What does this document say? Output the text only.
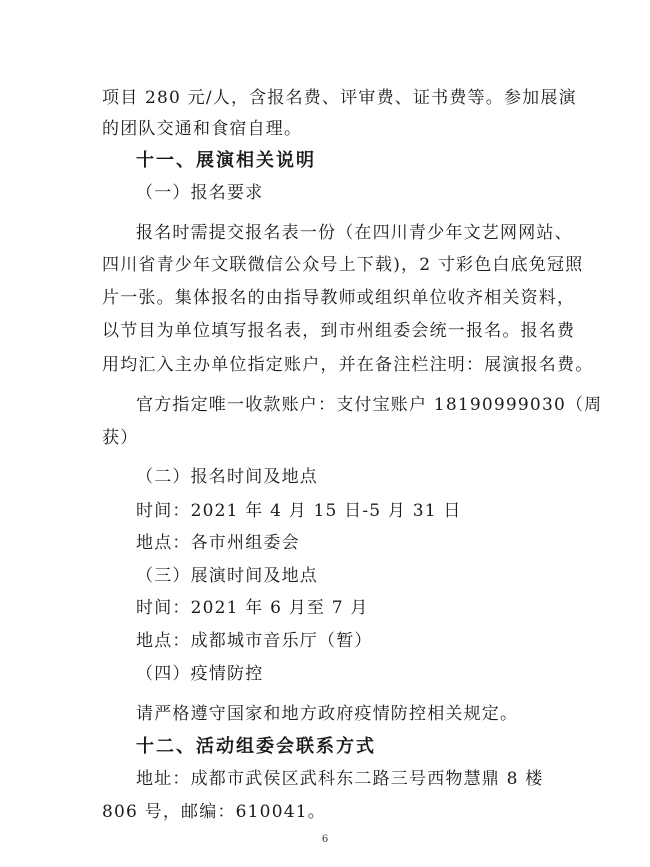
项目 280 元/人，含报名费、评审费、证书费等。参加展演
的团队交通和食宿自理。
十一、展演相关说明
（一）报名要求
报名时需提交报名表一份（在四川青少年文艺网网站、
四川省青少年文联微信公众号上下载)，2 寸彩色白底免冠照
片一张。集体报名的由指导教师或组织单位收齐相关资料，
以节目为单位填写报名表，到市州组委会统一报名。报名费
用均汇入主办单位指定账户，并在备注栏注明：展演报名费。
官方指定唯一收款账户：支付宝账户 18190999030（周
获）
（二）报名时间及地点
时间：2021 年 4 月 15 日-5 月 31 日
地点：各市州组委会
（三）展演时间及地点
时间：2021 年 6 月至 7 月
地点：成都城市音乐厅（暂）
（四）疫情防控
请严格遵守国家和地方政府疫情防控相关规定。
十二、活动组委会联系方式
地址：成都市武侯区武科东二路三号西物慧鼎 8 楼
806 号，邮编：610041。
6
